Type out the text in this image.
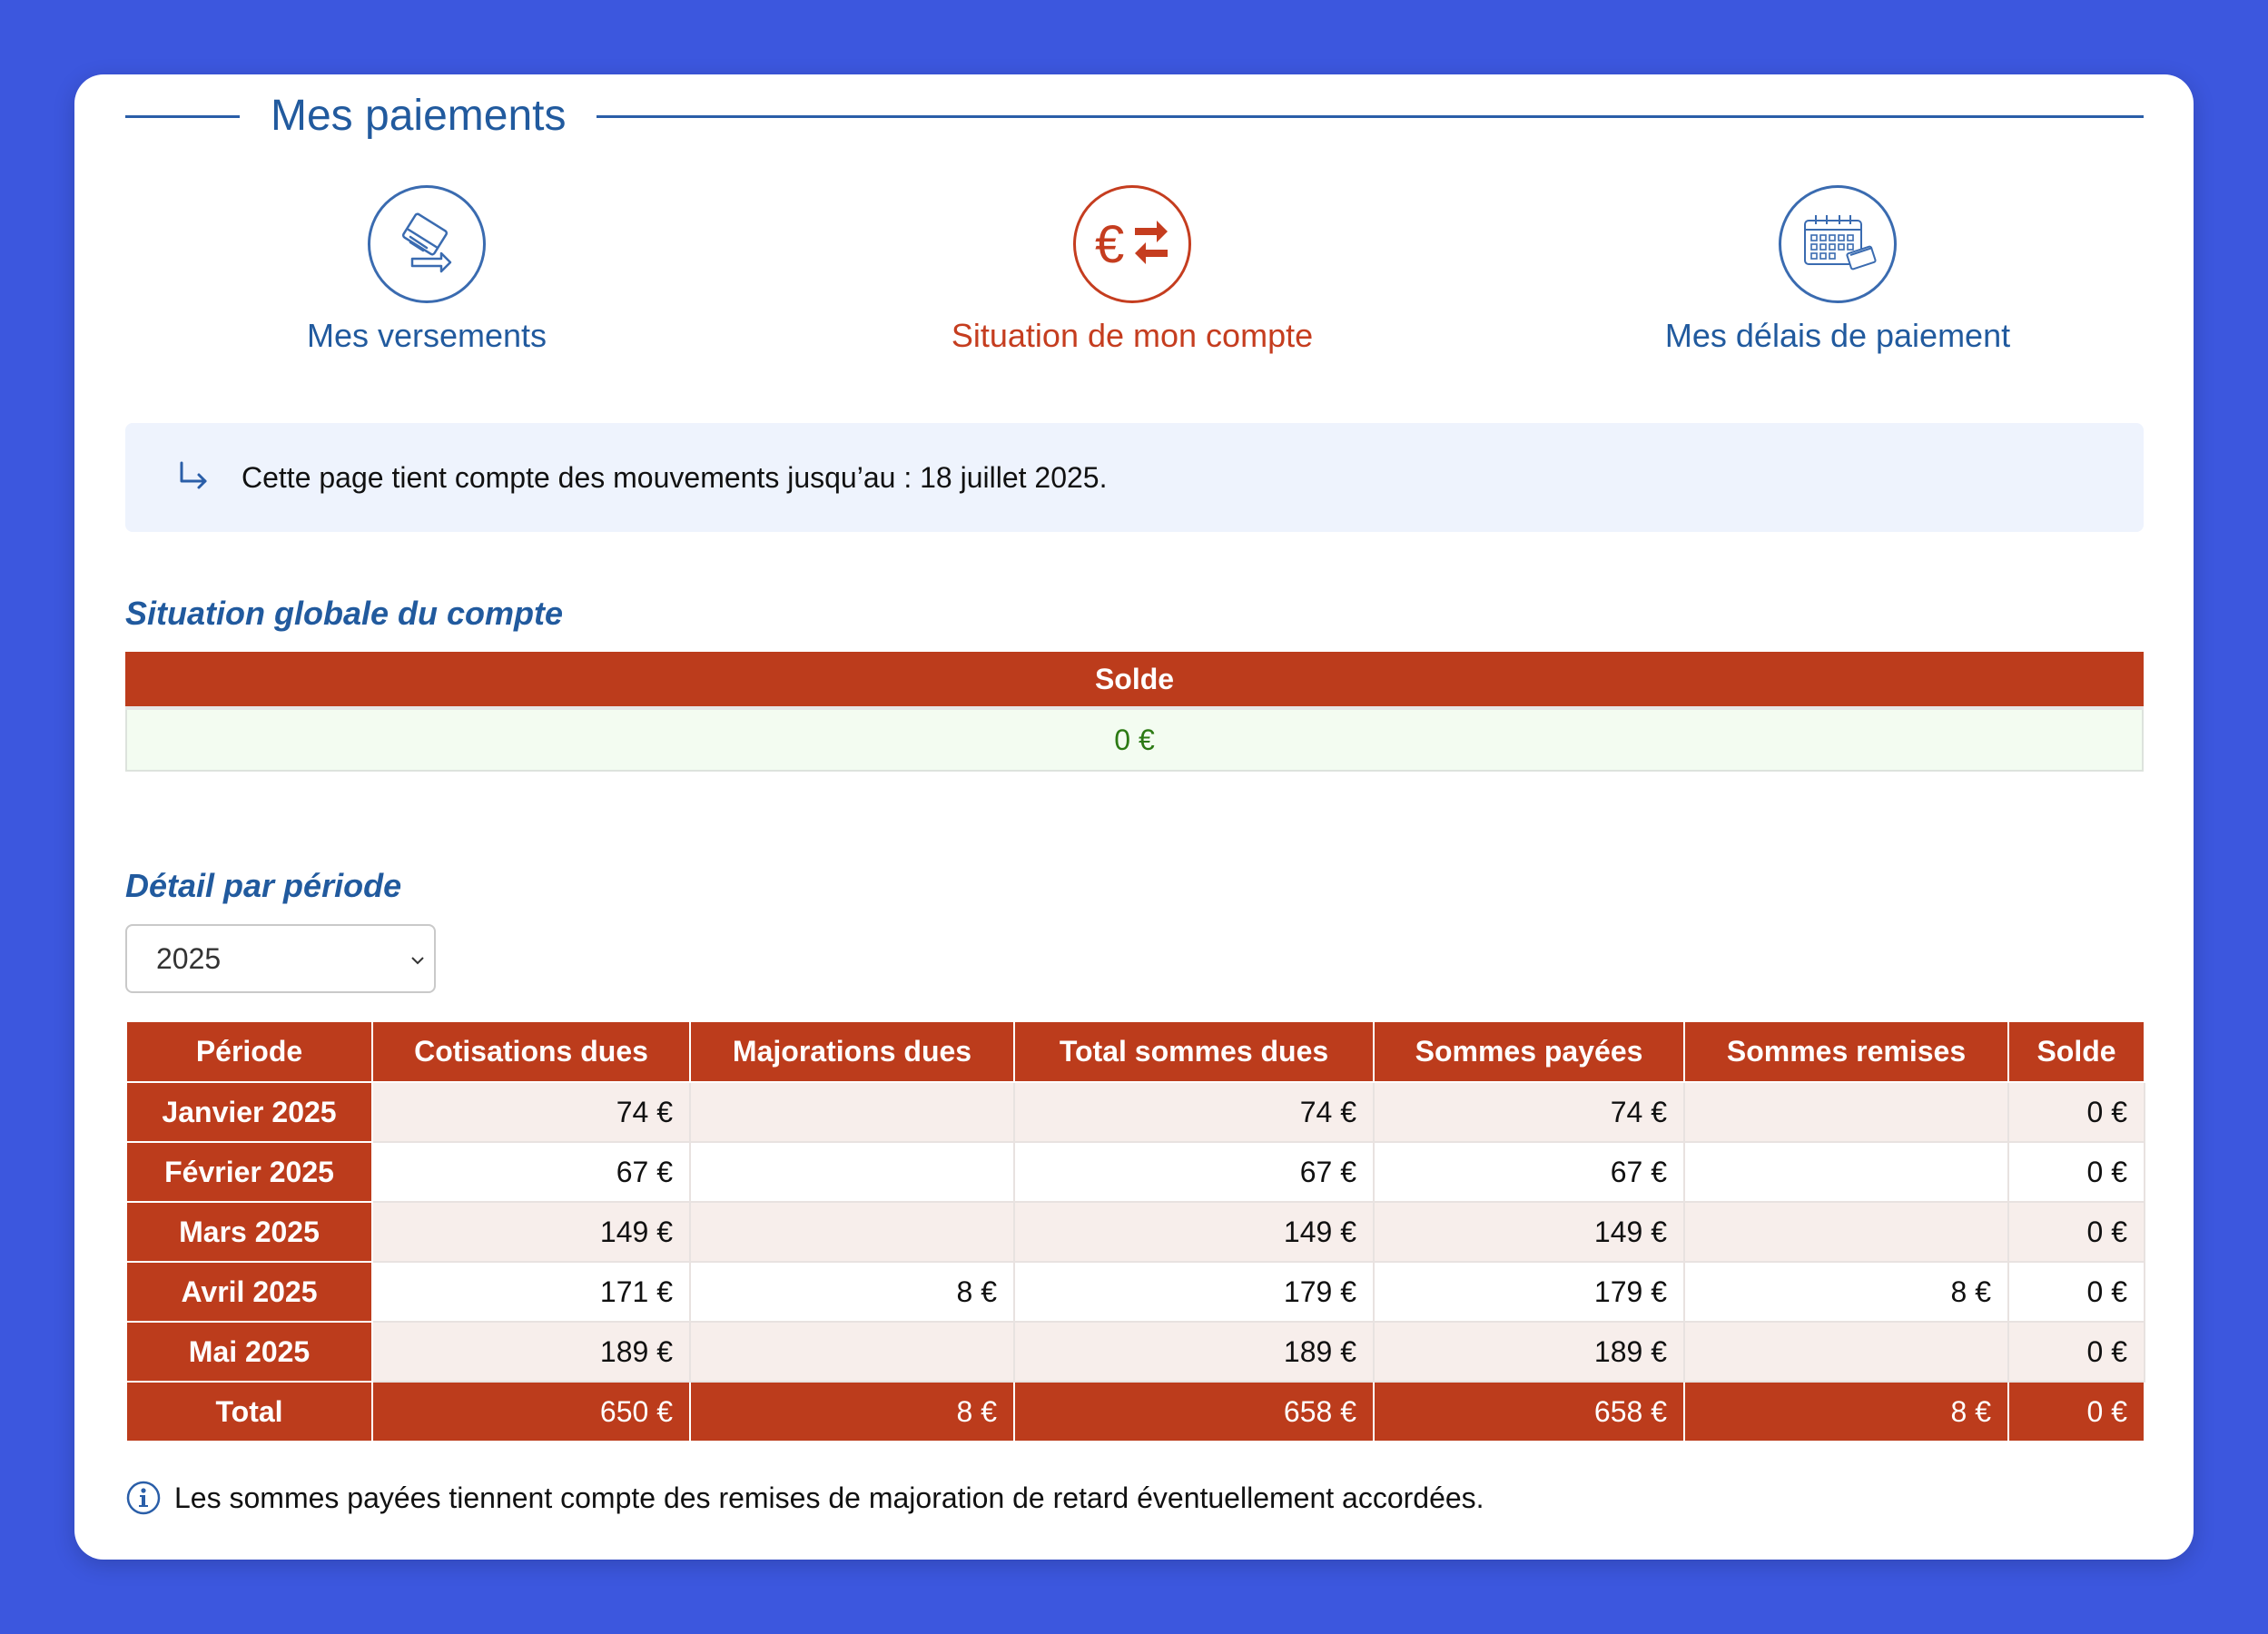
Mes paiements
Mes versements
€
Situation de mon compte	Mes délais de paiement
Cette page tient compte des mouvements jusqu’au : 18 juillet 2025.
Situation globale du compte
Solde
0 €
Détail par période
2025
Période	Cotisations dues	Majorations dues	Total sommes dues	Sommes payées	Sommes remises	Solde
Janvier 2025	74 €		74 €	74 €		0 €
Février 2025	67 €		67 €	67 €		0 €
Mars 2025	149 €		149 €	149 €		0 €
Avril 2025	171 €	8 €	179 €	179 €	8 €	0 €
Mai 2025	189 €		189 €	189 €		0 €
Total	650 €	8 €	658 €	658 €	8 €	0 €
Les sommes payées tiennent compte des remises de majoration de retard éventuellement accordées.
